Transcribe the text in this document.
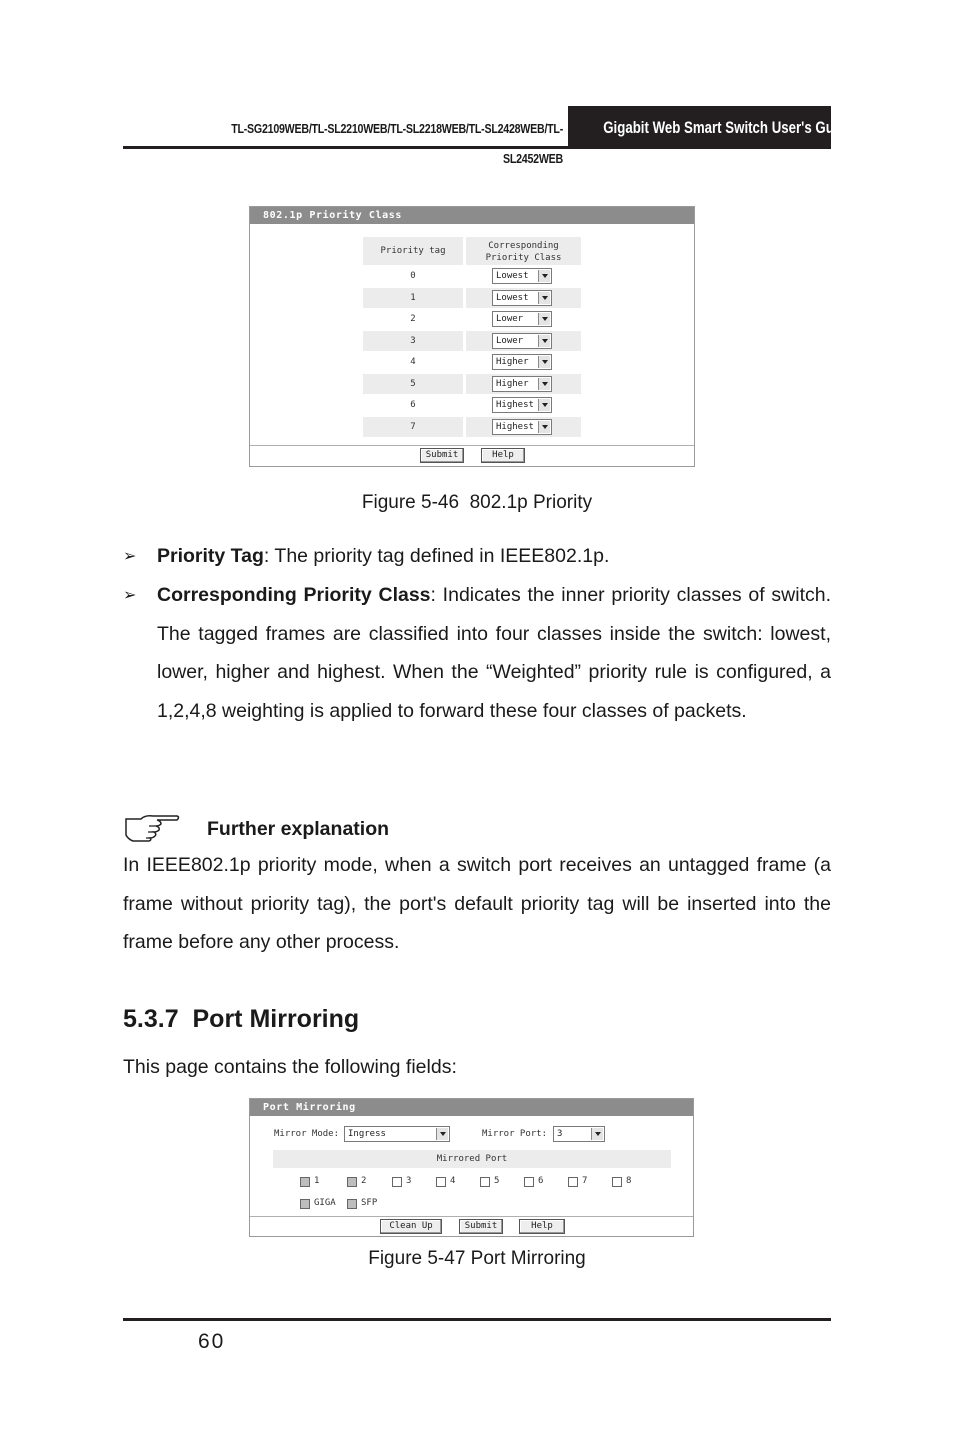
TL-SG2109WEB/TL-SL2210WEB/TL-SL2218WEB/TL-SL2428WEB/TL-SL2452WEB
Gigabit Web Smart Switch User's Guide
802.1p Priority Class
Priority tag	Corresponding
Priority Class
0	Lowest
1	Lowest
2	Lower
3	Lower
4	Higher
5	Higher
6	Highest
7	Highest
Submit	Help
Figure 5-46  802.1p Priority
➢ Priority Tag: The priority tag defined in IEEE802.1p.
➢ Corresponding Priority Class: Indicates the inner priority classes of switch. The tagged frames are classified into four classes inside the switch: lowest, lower, higher and highest. When the “Weighted” priority rule is configured, a 1,2,4,8 weighting is applied to forward these four classes of packets.
Further explanation
In IEEE802.1p priority mode, when a switch port receives an untagged frame (a frame without priority tag), the port's default priority tag will be inserted into the frame before any other process.
5.3.7  Port Mirroring
This page contains the following fields:
Port Mirroring
Mirror Mode: Ingress	Mirror Port:	3
Mirrored Port
1	2	3	4	5	6	7	8
GIGA	SFP
Clean Up	Submit	Help
Figure 5-47 Port Mirroring
60
